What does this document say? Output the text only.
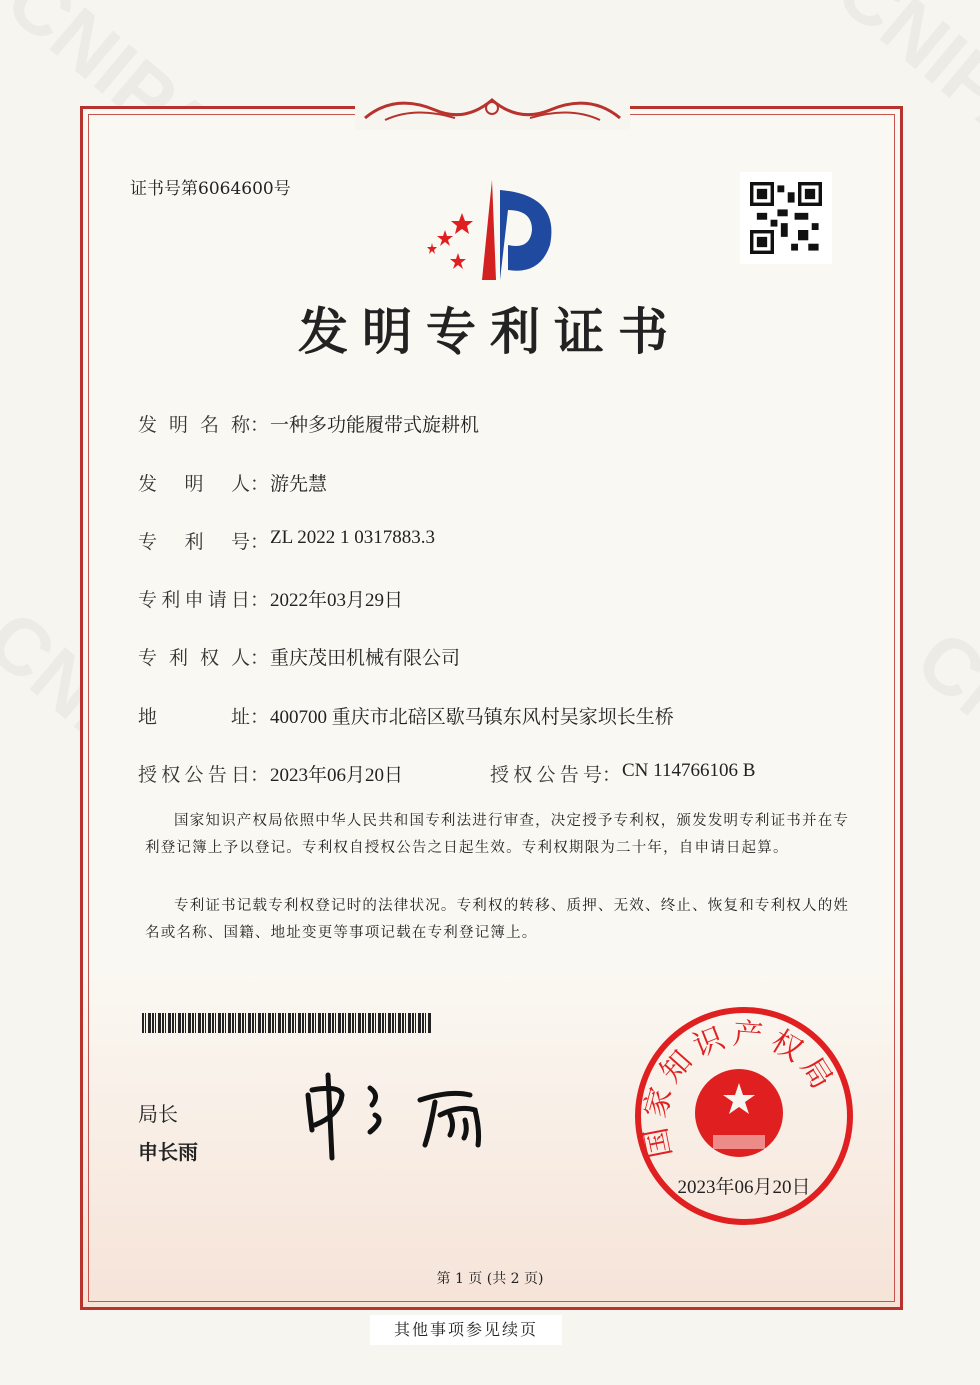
证书号第6064600号
发明专利证书
发明名称 ： 一种多功能履带式旋耕机
发明人 ： 游先慧
专利号 ： ZL 2022 1 0317883.3
专利申请日 ： 2022年03月29日
专利权人 ： 重庆茂田机械有限公司
地址 ： 400700 重庆市北碚区歇马镇东风村吴家坝长生桥
授权公告日 ： 2023年06月20日	授权公告号 ： CN 114766106 B
国家知识产权局依照中华人民共和国专利法进行审查，决定授予专利权，颁发发明专利证书并在专利登记簿上予以登记。专利权自授权公告之日起生效。专利权期限为二十年，自申请日起算。
专利证书记载专利权登记时的法律状况。专利权的转移、质押、无效、终止、恢复和专利权人的姓名或名称、国籍、地址变更等事项记载在专利登记簿上。
局长
申长雨	国家知识产权局
2023年06月20日
第 1 页 (共 2 页)
其他事项参见续页
